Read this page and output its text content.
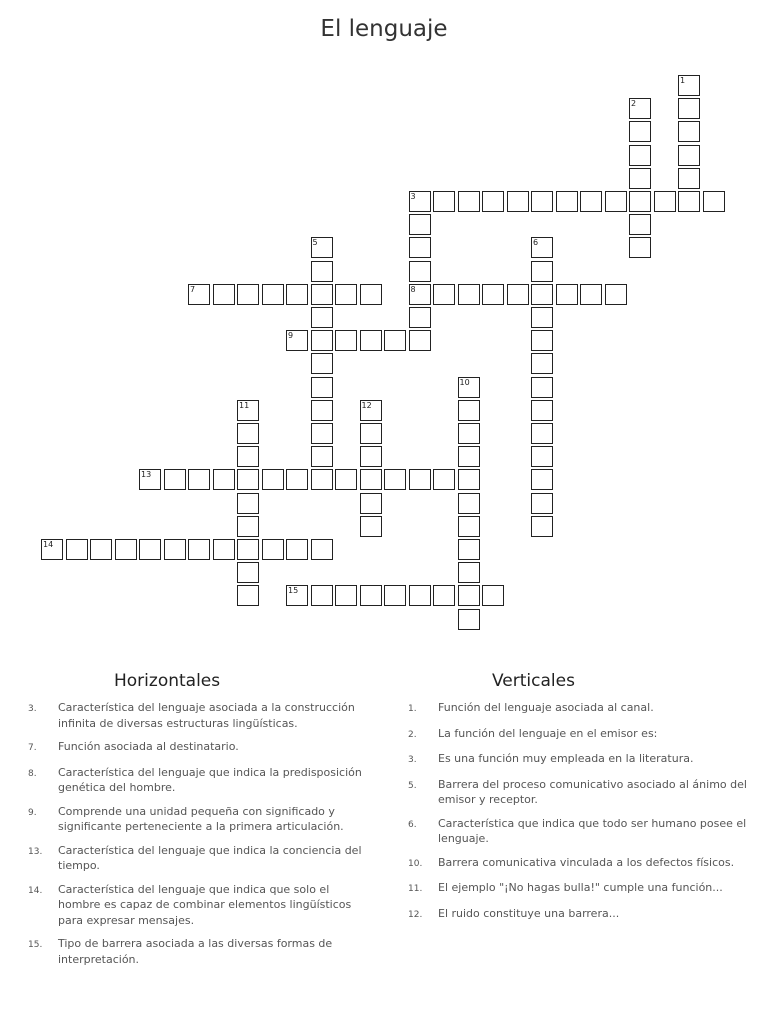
El lenguaje
1
2
3
5	6
7	8
9
10
11	12
13
14
15
Horizontales
3.	Característica del lenguaje asociada a la construcción infinita de diversas estructuras lingüísticas.
7.	Función asociada al destinatario.
8.	Característica del lenguaje que indica la predisposición genética del hombre.
9.	Comprende una unidad pequeña con significado y significante perteneciente a la primera articulación.
13.	Característica del lenguaje que indica la conciencia del tiempo.
14.	Característica del lenguaje que indica que solo el hombre es capaz de combinar elementos lingüísticos para expresar mensajes.
15.	Tipo de barrera asociada a las diversas formas de interpretación.
Verticales
1.	Función del lenguaje asociada al canal.
2.	La función del lenguaje en el emisor es:
3.	Es una función muy empleada en la literatura.
5.	Barrera del proceso comunicativo asociado al ánimo del emisor y receptor.
6.	Característica que indica que todo ser humano posee el lenguaje.
10.	Barrera comunicativa vinculada a los defectos físicos.
11.	El ejemplo "¡No hagas bulla!" cumple una función...
12.	El ruido constituye una barrera...
